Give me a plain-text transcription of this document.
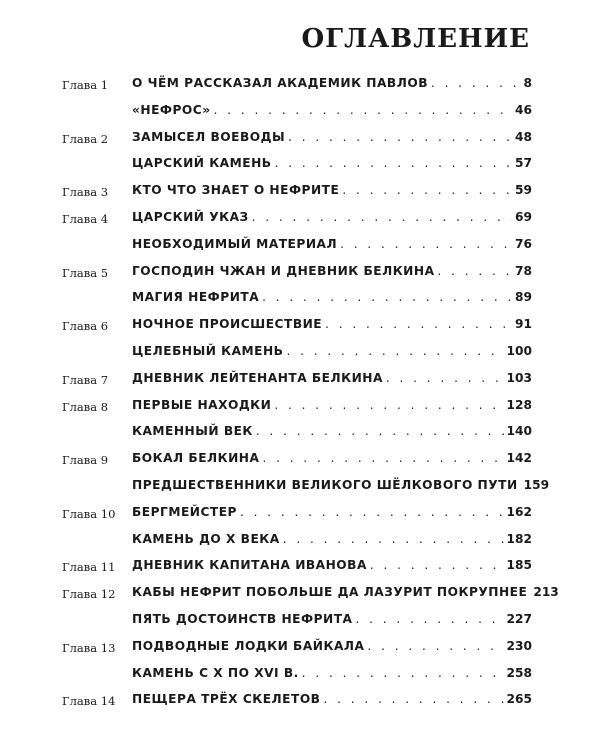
ОГЛАВЛЕНИЕ
Глава 1	О ЧЁМ РАССКАЗАЛ АКАДЕМИК ПАВЛОВ . . .	8
«НЕФРОС» . . .	46
Глава 2	ЗАМЫСЕЛ ВОЕВОДЫ . . .	48
ЦАРСКИЙ КАМЕНЬ . . .	57
Глава 3	КТО ЧТО ЗНАЕТ О НЕФРИТЕ . . .	59
Глава 4	ЦАРСКИЙ УКАЗ . . .	69
НЕОБХОДИМЫЙ МАТЕРИАЛ . . .	76
Глава 5	ГОСПОДИН ЧЖАН И ДНЕВНИК БЕЛКИНА . . .	78
МАГИЯ НЕФРИТА . . .	89
Глава 6	НОЧНОЕ ПРОИСШЕСТВИЕ . . .	91
ЦЕЛЕБНЫЙ КАМЕНЬ . . .	100
Глава 7	ДНЕВНИК ЛЕЙТЕНАНТА БЕЛКИНА . . .	103
Глава 8	ПЕРВЫЕ НАХОДКИ . . .	128
КАМЕННЫЙ ВЕК . . .	140
Глава 9	БОКАЛ БЕЛКИНА . . .	142
ПРЕДШЕСТВЕННИКИ ВЕЛИКОГО ШЁЛКОВОГО ПУТИ 159
Глава 10	БЕРГМЕЙСТЕР . . .	162
КАМЕНЬ ДО X ВЕКА . . .	182
Глава 11	ДНЕВНИК КАПИТАНА ИВАНОВА . . .	185
Глава 12	КАБЫ НЕФРИТ ПОБОЛЬШЕ ДА ЛАЗУРИТ ПОКРУПНЕЕ 213
ПЯТЬ ДОСТОИНСТВ НЕФРИТА . . .	227
Глава 13	ПОДВОДНЫЕ ЛОДКИ БАЙКАЛА . . .	230
КАМЕНЬ С X ПО XVI В. . . .	258
Глава 14	ПЕЩЕРА ТРЁХ СКЕЛЕТОВ . . .	265
